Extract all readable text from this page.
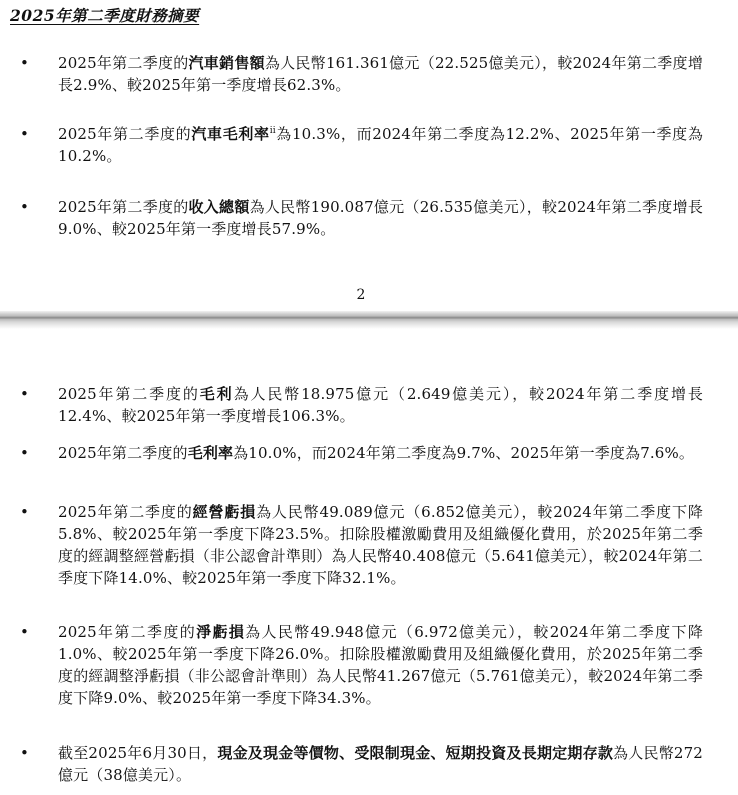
2025年第二季度財務摘要
• 2025年第二季度的汽車銷售額為人民幣161.361億元（22.525億美元），較2024年第二季度增長2.9%、較2025年第一季度增長62.3%。
• 2025年第二季度的汽車毛利率$^{ii}$為10.3%，而2024年第二季度為12.2%、2025年第一季度為10.2%。
• 2025年第二季度的收入總額為人民幣190.087億元（26.535億美元），較2024年第二季度增長9.0%、較2025年第一季度增長57.9%。
2
• 2025年第二季度的毛利為人民幣18.975億元（2.649億美元），較2024年第二季度增長12.4%、較2025年第一季度增長106.3%。
• 2025年第二季度的毛利率為10.0%，而2024年第二季度為9.7%、2025年第一季度為7.6%。
• 2025年第二季度的經營虧損為人民幣49.089億元（6.852億美元），較2024年第二季度下降5.8%、較2025年第一季度下降23.5%。扣除股權激勵費用及組織優化費用，於2025年第二季度的經調整經營虧損（非公認會計準則）為人民幣40.408億元（5.641億美元），較2024年第二季度下降14.0%、較2025年第一季度下降32.1%。
• 2025年第二季度的淨虧損為人民幣49.948億元（6.972億美元），較2024年第二季度下降1.0%、較2025年第一季度下降26.0%。扣除股權激勵費用及組織優化費用，於2025年第二季度的經調整淨虧損（非公認會計準則）為人民幣41.267億元（5.761億美元），較2024年第二季度下降9.0%、較2025年第一季度下降34.3%。
• 截至2025年6月30日，現金及現金等價物、受限制現金、短期投資及長期定期存款為人民幣272億元（38億美元）。
